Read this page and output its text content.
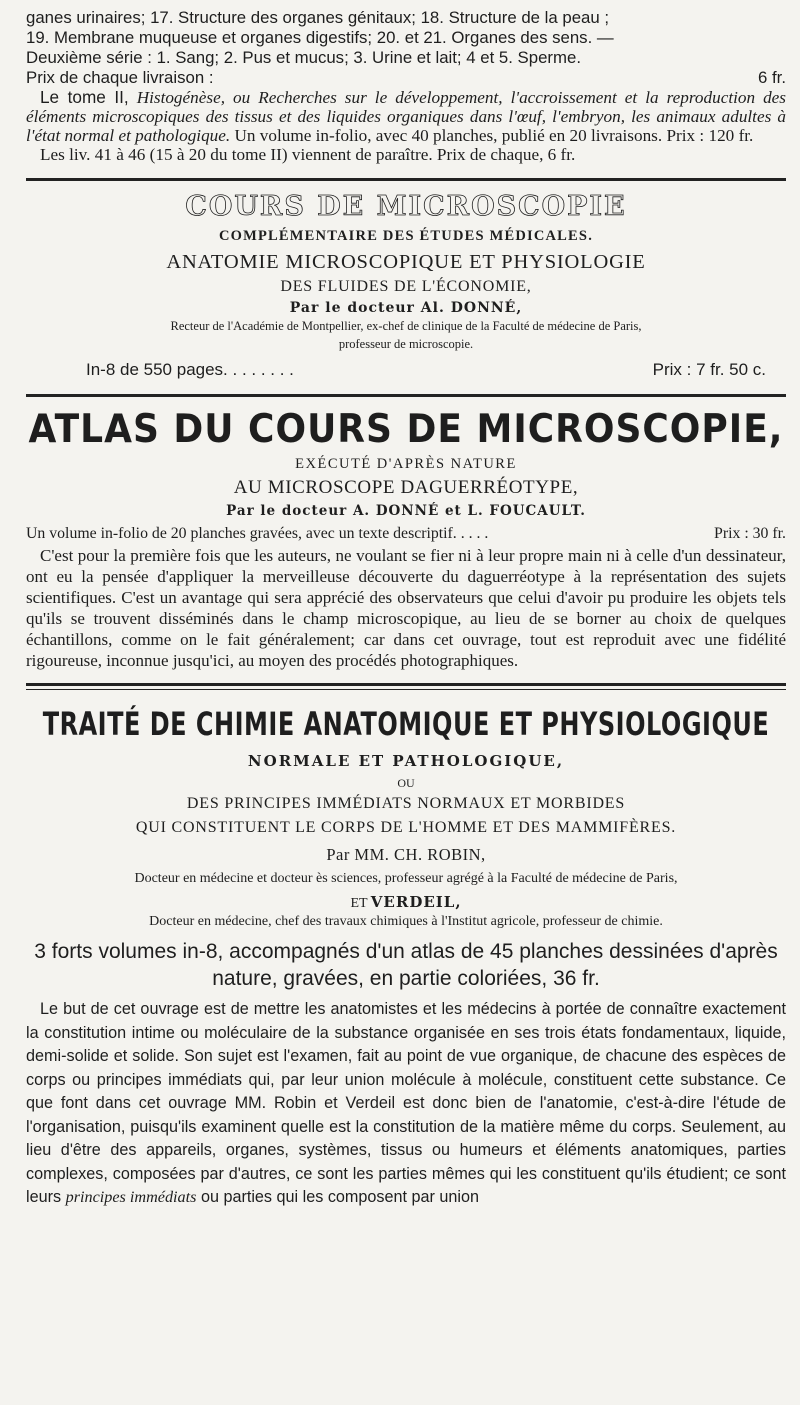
ganes urinaires; 17. Structure des organes génitaux; 18. Structure de la peau ;

19. Membrane muqueuse et organes digestifs; 20. et 21. Organes des sens. —

Deuxième série : 1. Sang; 2. Pus et mucus; 3. Urine et lait; 4 et 5. Sperme.

Prix de chaque livraison :	6 fr.

Le tome II, Histogénèse, ou Recherches sur le développement, l'accroissement et la reproduction des éléments microscopiques des tissus et des liquides organiques dans l'œuf, l'embryon, les animaux adultes à l'état normal et pathologique. Un volume in-folio, avec 40 planches, publié en 20 livraisons. Prix : 120 fr.

Les liv. 41 à 46 (15 à 20 du tome II) viennent de paraître. Prix de chaque, 6 fr.

COURS DE MICROSCOPIE
COMPLÉMENTAIRE DES ÉTUDES MÉDICALES.
ANATOMIE MICROSCOPIQUE ET PHYSIOLOGIE
DES FLUIDES DE L'ÉCONOMIE,
Par le docteur Al. DONNÉ,
Recteur de l'Académie de Montpellier, ex-chef de clinique de la Faculté de médecine de Paris,
professeur de microscopie.
In-8 de 550 pages. . . . . . . .	Prix : 7 fr. 50 c.
ATLAS DU COURS DE MICROSCOPIE,
EXÉCUTÉ D'APRÈS NATURE
AU MICROSCOPE DAGUERRÉOTYPE,
Par le docteur A. DONNÉ et L. FOUCAULT.
Un volume in-folio de 20 planches gravées, avec un texte descriptif. . . . .	Prix : 30 fr.

C'est pour la première fois que les auteurs, ne voulant se fier ni à leur propre main ni à celle d'un dessinateur, ont eu la pensée d'appliquer la merveilleuse découverte du daguerréotype à la représentation des sujets scientifiques. C'est un avantage qui sera apprécié des observateurs que celui d'avoir pu produire les objets tels qu'ils se trouvent disséminés dans le champ microscopique, au lieu de se borner au choix de quelques échantillons, comme on le fait généralement; car dans cet ouvrage, tout est reproduit avec une fidélité rigoureuse, inconnue jusqu'ici, au moyen des procédés photographiques.

TRAITÉ DE CHIMIE ANATOMIQUE ET PHYSIOLOGIQUE
NORMALE ET PATHOLOGIQUE,
OU
DES PRINCIPES IMMÉDIATS NORMAUX ET MORBIDES
QUI CONSTITUENT LE CORPS DE L'HOMME ET DES MAMMIFÈRES.
Par MM. CH. ROBIN,
Docteur en médecine et docteur ès sciences, professeur agrégé à la Faculté de médecine de Paris,
ET VERDEIL,
Docteur en médecine, chef des travaux chimiques à l'Institut agricole, professeur de chimie.
3 forts volumes in-8, accompagnés d'un atlas de 45 planches dessinées d'après nature, gravées, en partie coloriées, 36 fr.

Le but de cet ouvrage est de mettre les anatomistes et les médecins à portée de connaître exactement la constitution intime ou moléculaire de la substance organisée en ses trois états fondamentaux, liquide, demi-solide et solide. Son sujet est l'examen, fait au point de vue organique, de chacune des espèces de corps ou principes immédiats qui, par leur union molécule à molécule, constituent cette substance. Ce que font dans cet ouvrage MM. Robin et Verdeil est donc bien de l'anatomie, c'est-à-dire l'étude de l'organisation, puisqu'ils examinent quelle est la constitution de la matière même du corps. Seulement, au lieu d'être des appareils, organes, systèmes, tissus ou humeurs et éléments anatomiques, parties complexes, composées par d'autres, ce sont les parties mêmes qui les constituent qu'ils étudient; ce sont leurs principes immédiats ou parties qui les composent par union
